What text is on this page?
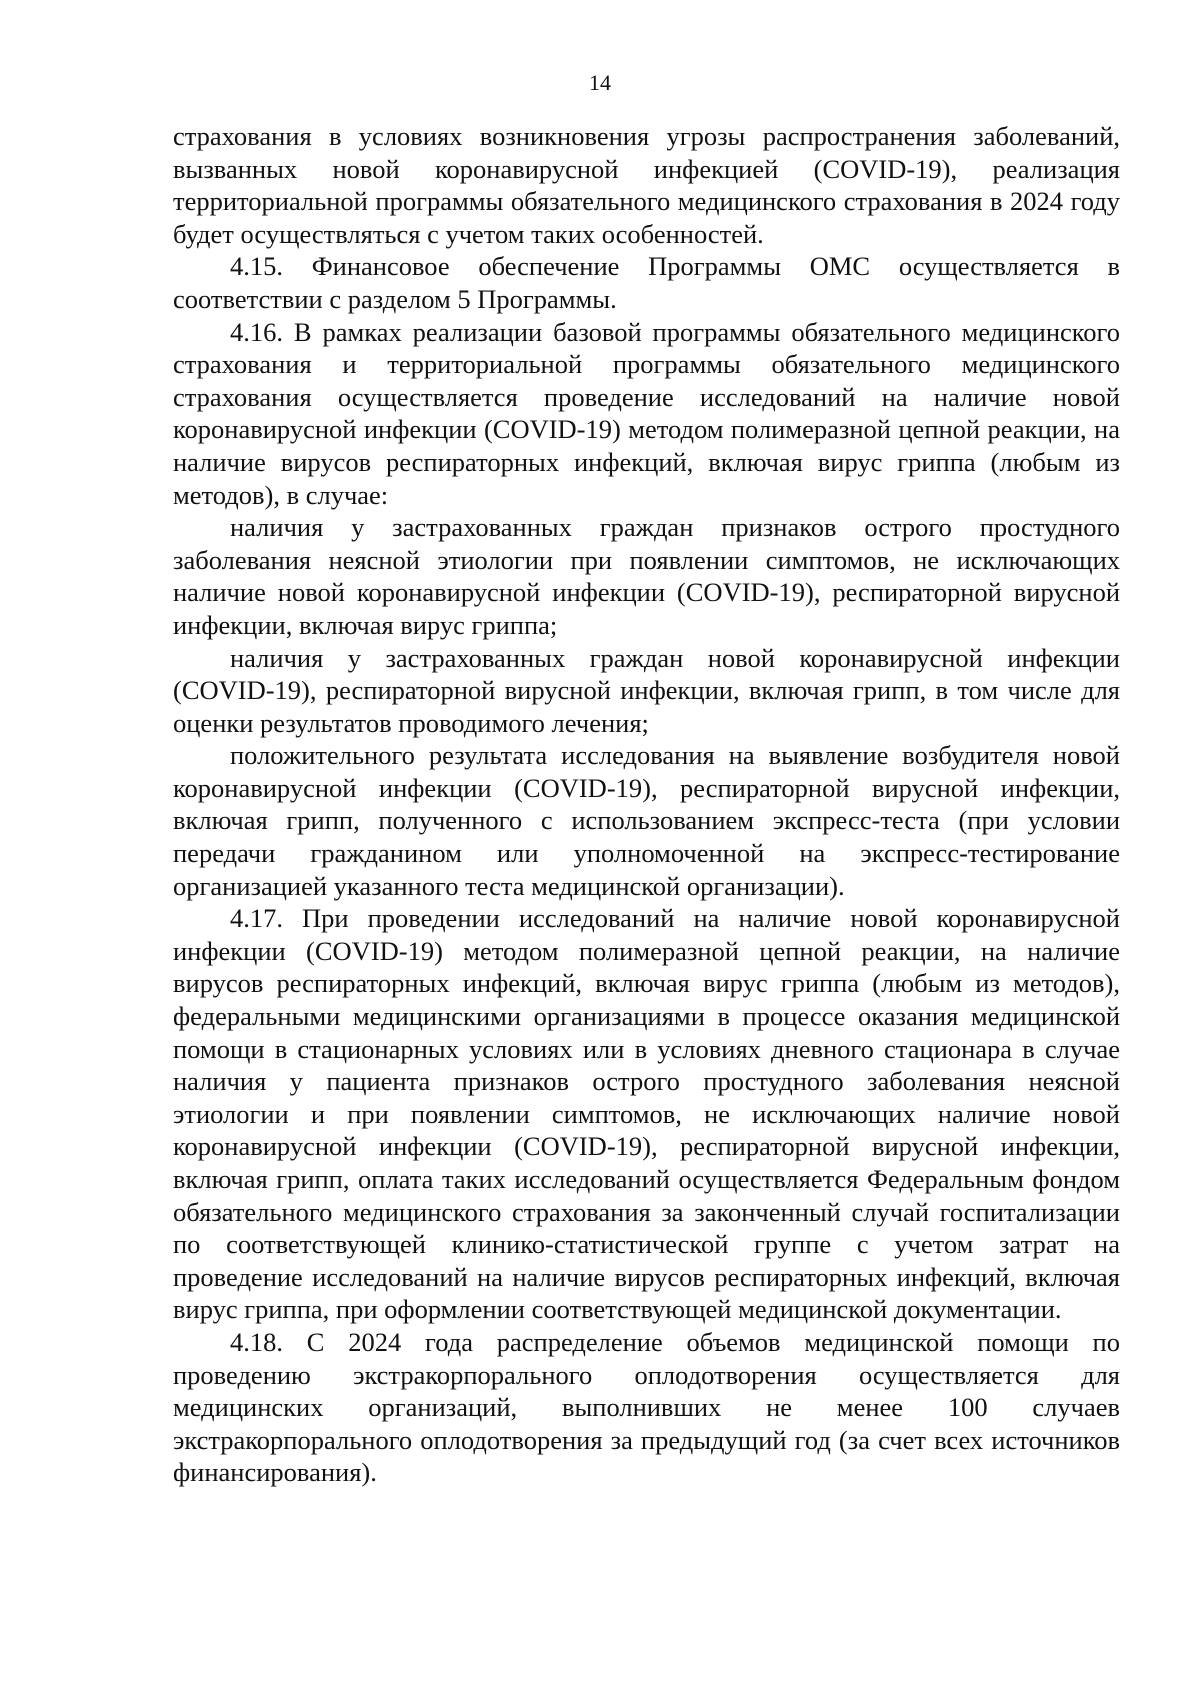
14

страхования в условиях возникновения угрозы распространения заболеваний, вызванных новой коронавирусной инфекцией (COVID-19), реализация территориальной программы обязательного медицинского страхования в 2024 году будет осуществляться с учетом таких особенностей.

4.15. Финансовое обеспечение Программы ОМС осуществляется в соответствии с разделом 5 Программы.

4.16. В рамках реализации базовой программы обязательного медицинского страхования и территориальной программы обязательного медицинского страхования осуществляется проведение исследований на наличие новой коронавирусной инфекции (COVID-19) методом полимеразной цепной реакции, на наличие вирусов респираторных инфекций, включая вирус гриппа (любым из методов), в случае:

наличия у застрахованных граждан признаков острого простудного заболевания неясной этиологии при появлении симптомов, не исключающих наличие новой коронавирусной инфекции (COVID-19), респираторной вирусной инфекции, включая вирус гриппа;

наличия у застрахованных граждан новой коронавирусной инфекции (COVID-19), респираторной вирусной инфекции, включая грипп, в том числе для оценки результатов проводимого лечения;

положительного результата исследования на выявление возбудителя новой коронавирусной инфекции (COVID-19), респираторной вирусной инфекции, включая грипп, полученного с использованием экспресс-теста (при условии передачи гражданином или уполномоченной на экспресс-тестирование организацией указанного теста медицинской организации).

4.17. При проведении исследований на наличие новой коронавирусной инфекции (COVID-19) методом полимеразной цепной реакции, на наличие вирусов респираторных инфекций, включая вирус гриппа (любым из методов), федеральными медицинскими организациями в процессе оказания медицинской помощи в стационарных условиях или в условиях дневного стационара в случае наличия у пациента признаков острого простудного заболевания неясной этиологии и при появлении симптомов, не исключающих наличие новой коронавирусной инфекции (COVID-19), респираторной вирусной инфекции, включая грипп, оплата таких исследований осуществляется Федеральным фондом обязательного медицинского страхования за законченный случай госпитализации по соответствующей клинико-статистической группе с учетом затрат на проведение исследований на наличие вирусов респираторных инфекций, включая вирус гриппа, при оформлении соответствующей медицинской документации.

4.18. С 2024 года распределение объемов медицинской помощи по проведению экстракорпорального оплодотворения осуществляется для медицинских организаций, выполнивших не менее 100 случаев экстракорпорального оплодотворения за предыдущий год (за счет всех источников финансирования).
